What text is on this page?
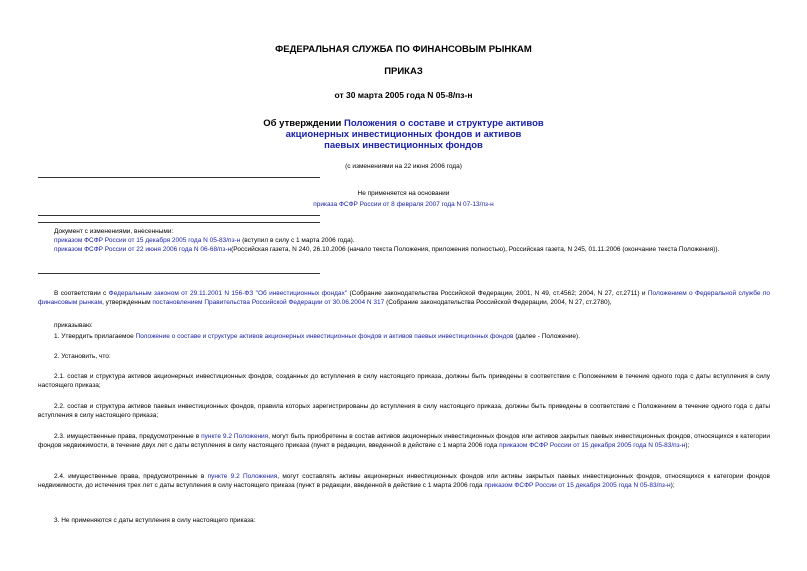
ФЕДЕРАЛЬНАЯ СЛУЖБА ПО ФИНАНСОВЫМ РЫНКАМ
ПРИКАЗ
от 30 марта 2005 года N 05-8/пз-н
Об утверждении Положения о составе и структуре активов
акционерных инвестиционных фондов и активов
паевых инвестиционных фондов
(с изменениями на 22 июня 2006 года)
Не применяется на основании
приказа ФСФР России от 8 февраля 2007 года N 07-13/пз-н
Документ с изменениями, внесенными:
приказом ФСФР России от 15 декабря 2005 года N 05-83/пз-н (вступил в силу с 1 марта 2006 года).
приказом ФСФР России от 22 июня 2006 года N 06-68/пз-н(Российская газета, N 240, 26.10.2006 (начало текста Положения, приложения полностью), Российская газета, N 245, 01.11.2006 (окончание текста Положения)).
В соответствии с Федеральным законом от 29.11.2001 N 156-ФЗ "Об инвестиционных фондах" (Собрание законодательства Российской Федерации, 2001, N 49, ст.4562; 2004, N 27, ст.2711) и Положением о Федеральной службе по финансовым рынкам, утвержденным постановлением Правительства Российской Федерации от 30.06.2004 N 317 (Собрание законодательства Российской Федерации, 2004, N 27, ст.2780),
приказываю:
1. Утвердить прилагаемое Положение о составе и структуре активов акционерных инвестиционных фондов и активов паевых инвестиционных фондов (далее - Положение).
2. Установить, что:
2.1. состав и структура активов акционерных инвестиционных фондов, созданных до вступления в силу настоящего приказа, должны быть приведены в соответствие с Положением в течение одного года с даты вступления в силу настоящего приказа;
2.2. состав и структура активов паевых инвестиционных фондов, правила которых зарегистрированы до вступления в силу настоящего приказа, должны быть приведены в соответствие с Положением в течение одного года с даты вступления в силу настоящего приказа;
2.3. имущественные права, предусмотренные в пункте 9.2 Положения, могут быть приобретены в состав активов акционерных инвестиционных фондов или активов закрытых паевых инвестиционных фондов, относящихся к категории фондов недвижимости, в течение двух лет с даты вступления в силу настоящего приказа (пункт в редакции, введенной в действие с 1 марта 2006 года приказом ФСФР России от 15 декабря 2005 года N 05-83/пз-н);
2.4. имущественные права, предусмотренные в пункте 9.2 Положения, могут составлять активы акционерных инвестиционных фондов или активы закрытых паевых инвестиционных фондов, относящихся к категории фондов недвижимости, до истечения трех лет с даты вступления в силу настоящего приказа (пункт в редакции, введенной в действие с 1 марта 2006 года приказом ФСФР России от 15 декабря 2005 года N 05-83/пз-н);
3. Не применяются с даты вступления в силу настоящего приказа:
